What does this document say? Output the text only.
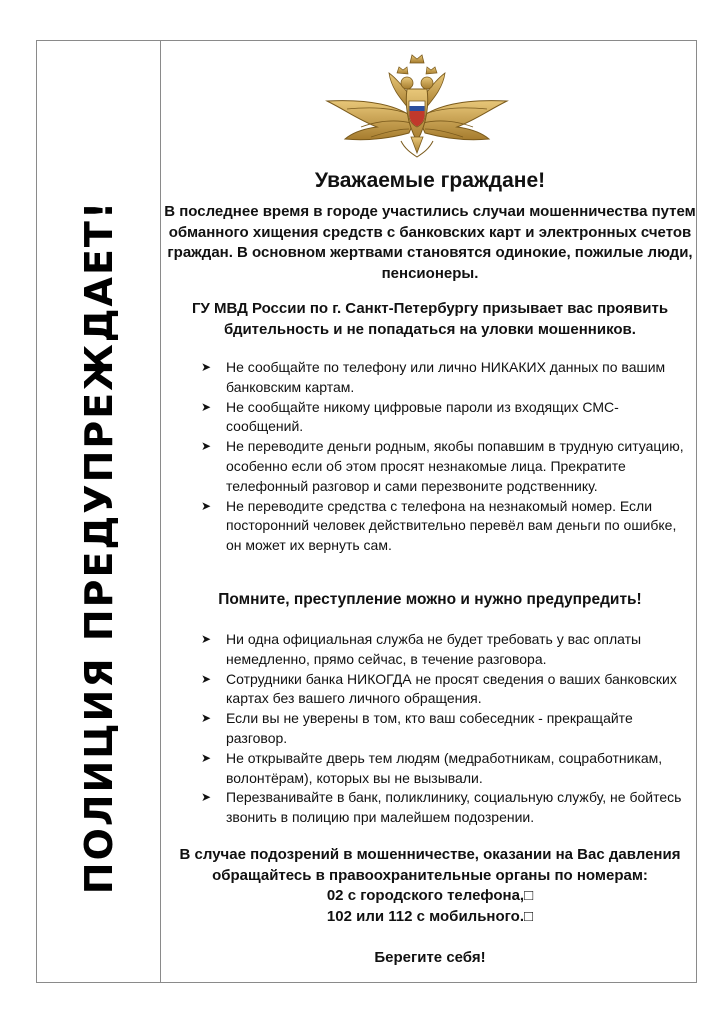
ПОЛИЦИЯ ПРЕДУПРЕЖДАЕТ!
Уважаемые граждане!
В последнее время в городе участились случаи мошенничества путем обманного хищения средств с банковских карт и электронных счетов граждан. В основном жертвами становятся одинокие, пожилые люди, пенсионеры.
ГУ МВД России по г. Санкт-Петербургу призывает вас проявить бдительность и не попадаться на уловки мошенников.
➤ Не сообщайте по телефону или лично НИКАКИХ данных по вашим банковским картам.
➤ Не сообщайте никому цифровые пароли из входящих СМС-сообщений.
➤ Не переводите деньги родным, якобы попавшим в трудную ситуацию, особенно если об этом просят незнакомые лица. Прекратите телефонный разговор и сами перезвоните родственнику.
➤ Не переводите средства с телефона на незнакомый номер. Если посторонний человек действительно перевёл вам деньги по ошибке, он может их вернуть сам.
Помните, преступление можно и нужно предупредить!
➤ Ни одна официальная служба не будет требовать у вас оплаты немедленно, прямо сейчас, в течение разговора.
➤ Сотрудники банка НИКОГДА не просят сведения о ваших банковских картах без вашего личного обращения.
➤ Если вы не уверены в том, кто ваш собеседник - прекращайте разговор.
➤ Не открывайте дверь тем людям (медработникам, соцработникам, волонтёрам), которых вы не вызывали.
➤ Перезванивайте в банк, поликлинику, социальную службу, не бойтесь звонить в полицию при малейшем подозрении.
В случае подозрений в мошенничестве, оказании на Вас давления обращайтесь в правоохранительные органы по номерам:
02 с городского телефона,□
102 или 112 с мобильного.□
Берегите себя!
